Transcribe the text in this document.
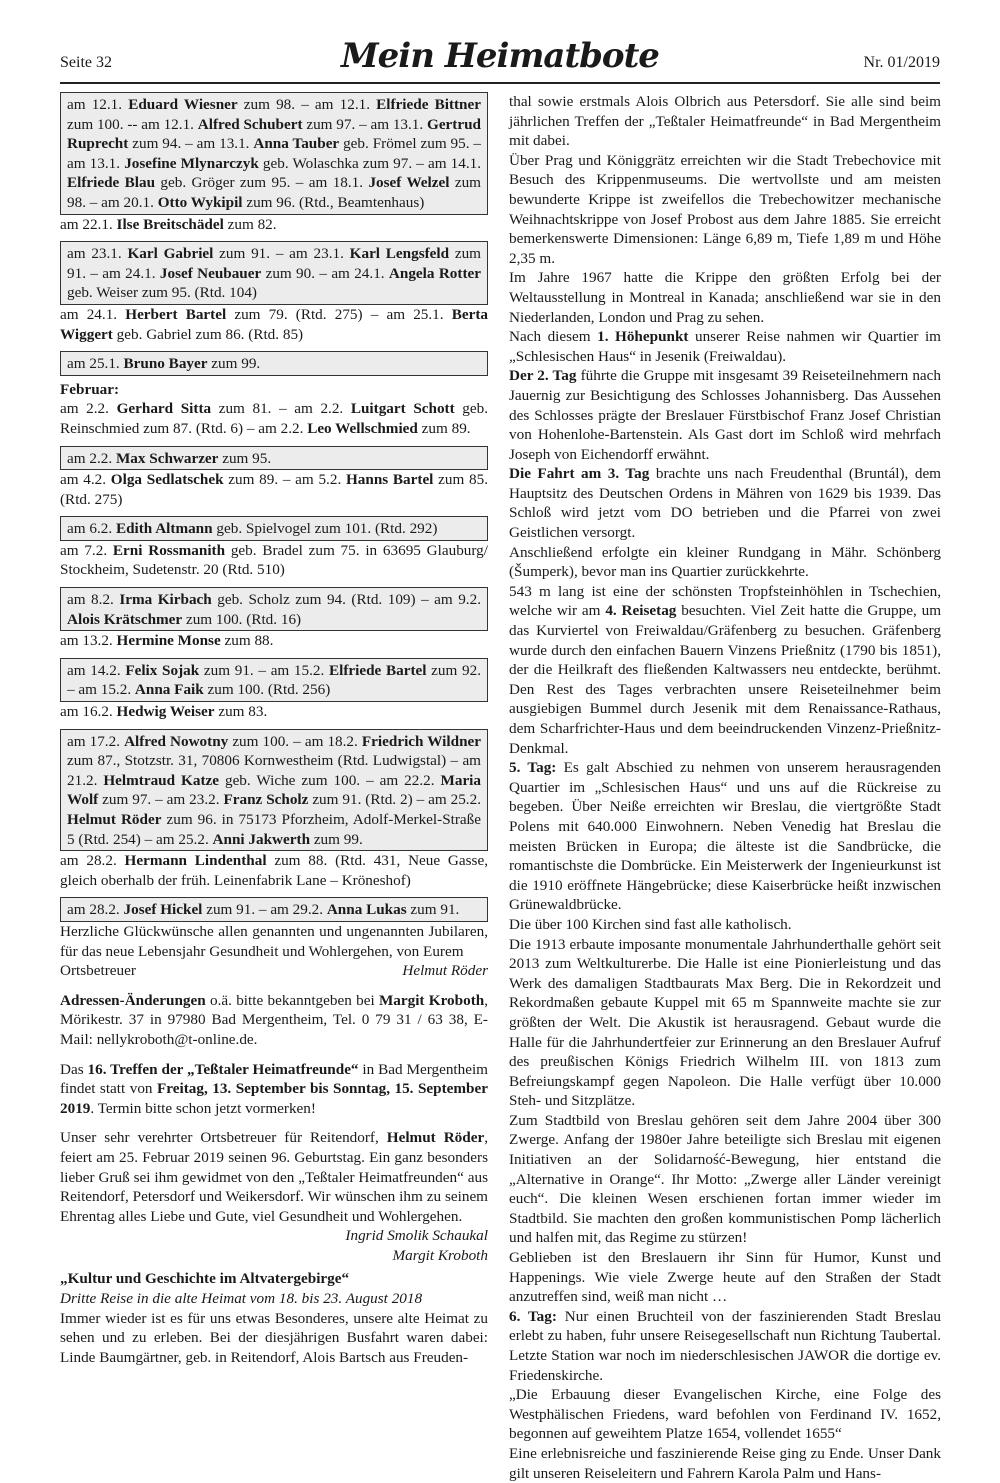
Seite 32	Mein Heimatbote	Nr. 01/2019

am 12.1. Eduard Wiesner zum 98. – am 12.1. Elfriede Bittner zum 100. -- am 12.1. Alfred Schubert zum 97. – am 13.1. Gertrud Ruprecht zum 94. – am 13.1. Anna Tauber geb. Frömel zum 95. – am 13.1. Josefine Mlynarczyk geb. Wolaschka zum 97. – am 14.1. Elfriede Blau geb. Gröger zum 95. – am 18.1. Josef Welzel zum 98. – am 20.1. Otto Wykipil zum 96. (Rtd., Beamtenhaus)

am 22.1. Ilse Breitschädel zum 82.

am 23.1. Karl Gabriel zum 91. – am 23.1. Karl Lengsfeld zum 91. – am 24.1. Josef Neubauer zum 90. – am 24.1. Angela Rotter geb. Weiser zum 95. (Rtd. 104)

am 24.1. Herbert Bartel zum 79. (Rtd. 275) – am 25.1. Berta Wiggert geb. Gabriel zum 86. (Rtd. 85)

am 25.1. Bruno Bayer zum 99.

Februar:

am 2.2. Gerhard Sitta zum 81. – am 2.2. Luitgart Schott geb. Reinschmied zum 87. (Rtd. 6) – am 2.2. Leo Wellschmied zum 89.

am 2.2. Max Schwarzer zum 95.

am 4.2. Olga Sedlatschek zum 89. – am 5.2. Hanns Bartel zum 85. (Rtd. 275)

am 6.2. Edith Altmann geb. Spielvogel zum 101. (Rtd. 292)

am 7.2. Erni Rossmanith geb. Bradel zum 75. in 63695 Glauburg/ Stockheim, Sudetenstr. 20 (Rtd. 510)

am 8.2. Irma Kirbach geb. Scholz zum 94. (Rtd. 109) – am 9.2. Alois Krätschmer zum 100. (Rtd. 16)

am 13.2. Hermine Monse zum 88.

am 14.2. Felix Sojak zum 91. – am 15.2. Elfriede Bartel zum 92. – am 15.2. Anna Faik zum 100. (Rtd. 256)

am 16.2. Hedwig Weiser zum 83.

am 17.2. Alfred Nowotny zum 100. – am 18.2. Friedrich Wildner zum 87., Stotzstr. 31, 70806 Kornwestheim (Rtd. Ludwigstal) – am 21.2. Helmtraud Katze geb. Wiche zum 100. – am 22.2. Maria Wolf zum 97. – am 23.2. Franz Scholz zum 91. (Rtd. 2) – am 25.2. Helmut Röder zum 96. in 75173 Pforzheim, Adolf-Merkel-Straße 5 (Rtd. 254) – am 25.2. Anni Jakwerth zum 99.

am 28.2. Hermann Lindenthal zum 88. (Rtd. 431, Neue Gasse, gleich oberhalb der früh. Leinenfabrik Lane – Kröneshof)

am 28.2. Josef Hickel zum 91. – am 29.2. Anna Lukas zum 91.

Herzliche Glückwünsche allen genannten und ungenannten Jubilaren, für das neue Lebensjahr Gesundheit und Wohlergehen, von Eurem

Ortsbetreuer	Helmut Röder

Adressen-Änderungen o.ä. bitte bekanntgeben bei Margit Kroboth, Mörikestr. 37 in 97980 Bad Mergentheim, Tel. 0 79 31 / 63 38, E-Mail: nellykroboth@t-online.de.

Das 16. Treffen der „Teßtaler Heimatfreunde“ in Bad Mergentheim findet statt von Freitag, 13. September bis Sonntag, 15. September 2019. Termin bitte schon jetzt vormerken!

Unser sehr verehrter Ortsbetreuer für Reitendorf, Helmut Röder, feiert am 25. Februar 2019 seinen 96. Geburtstag. Ein ganz besonders lieber Gruß sei ihm gewidmet von den „Teßtaler Heimatfreunden“ aus Reitendorf, Petersdorf und Weikersdorf. Wir wünschen ihm zu seinem Ehrentag alles Liebe und Gute, viel Gesundheit und Wohlergehen.

Ingrid Smolik Schaukal

Margit Kroboth

„Kultur und Geschichte im Altvatergebirge“

Dritte Reise in die alte Heimat vom 18. bis 23. August 2018

Immer wieder ist es für uns etwas Besonderes, unsere alte Heimat zu sehen und zu erleben. Bei der diesjährigen Busfahrt waren dabei: Linde Baumgärtner, geb. in Reitendorf, Alois Bartsch aus Freuden-

thal sowie erstmals Alois Olbrich aus Petersdorf. Sie alle sind beim jährlichen Treffen der „Teßtaler Heimatfreunde“ in Bad Mergentheim mit dabei.

Über Prag und Königgrätz erreichten wir die Stadt Trebechovice mit Besuch des Krippenmuseums. Die wertvollste und am meisten bewunderte Krippe ist zweifellos die Trebechowitzer mechanische Weihnachtskrippe von Josef Probost aus dem Jahre 1885. Sie erreicht bemerkenswerte Dimensionen: Länge 6,89 m, Tiefe 1,89 m und Höhe 2,35 m.

Im Jahre 1967 hatte die Krippe den größten Erfolg bei der Weltausstellung in Montreal in Kanada; anschließend war sie in den Niederlanden, London und Prag zu sehen.

Nach diesem 1. Höhepunkt unserer Reise nahmen wir Quartier im „Schlesischen Haus“ in Jesenik (Freiwaldau).

Der 2. Tag führte die Gruppe mit insgesamt 39 Reiseteilnehmern nach Jauernig zur Besichtigung des Schlosses Johannisberg. Das Aussehen des Schlosses prägte der Breslauer Fürstbischof Franz Josef Christian von Hohenlohe-Bartenstein. Als Gast dort im Schloß wird mehrfach Joseph von Eichendorff erwähnt.

Die Fahrt am 3. Tag brachte uns nach Freudenthal (Bruntál), dem Hauptsitz des Deutschen Ordens in Mähren von 1629 bis 1939. Das Schloß wird jetzt vom DO betrieben und die Pfarrei von zwei Geistlichen versorgt.

Anschließend erfolgte ein kleiner Rundgang in Mähr. Schönberg (Šumperk), bevor man ins Quartier zurückkehrte.

543 m lang ist eine der schönsten Tropfsteinhöhlen in Tschechien, welche wir am 4. Reisetag besuchten. Viel Zeit hatte die Gruppe, um das Kurviertel von Freiwaldau/Gräfenberg zu besuchen. Gräfenberg wurde durch den einfachen Bauern Vinzens Prießnitz (1790 bis 1851), der die Heilkraft des fließenden Kaltwassers neu entdeckte, berühmt. Den Rest des Tages verbrachten unsere Reiseteilnehmer beim ausgiebigen Bummel durch Jesenik mit dem Renaissance-Rathaus, dem Scharfrichter-Haus und dem beeindruckenden Vinzenz-Prießnitz-Denkmal.

5. Tag: Es galt Abschied zu nehmen von unserem herausragenden Quartier im „Schlesischen Haus“ und uns auf die Rückreise zu begeben. Über Neiße erreichten wir Breslau, die viertgrößte Stadt Polens mit 640.000 Einwohnern. Neben Venedig hat Breslau die meisten Brücken in Europa; die älteste ist die Sandbrücke, die romantischste die Dombrücke. Ein Meisterwerk der Ingenieurkunst ist die 1910 eröffnete Hängebrücke; diese Kaiserbrücke heißt inzwischen Grünewaldbrücke.

Die über 100 Kirchen sind fast alle katholisch.

Die 1913 erbaute imposante monumentale Jahrhunderthalle gehört seit 2013 zum Weltkulturerbe. Die Halle ist eine Pionierleistung und das Werk des damaligen Stadtbaurats Max Berg. Die in Rekordzeit und Rekordmaßen gebaute Kuppel mit 65 m Spannweite machte sie zur größten der Welt. Die Akustik ist herausragend. Gebaut wurde die Halle für die Jahrhundertfeier zur Erinnerung an den Breslauer Aufruf des preußischen Königs Friedrich Wilhelm III. von 1813 zum Befreiungskampf gegen Napoleon. Die Halle verfügt über 10.000 Steh- und Sitzplätze.

Zum Stadtbild von Breslau gehören seit dem Jahre 2004 über 300 Zwerge. Anfang der 1980er Jahre beteiligte sich Breslau mit eigenen Initiativen an der Solidarność-Bewegung, hier entstand die „Alternative in Orange“. Ihr Motto: „Zwerge aller Länder vereinigt euch“. Die kleinen Wesen erschienen fortan immer wieder im Stadtbild. Sie machten den großen kommunistischen Pomp lächerlich und halfen mit, das Regime zu stürzen!

Geblieben ist den Breslauern ihr Sinn für Humor, Kunst und Happenings. Wie viele Zwerge heute auf den Straßen der Stadt anzutreffen sind, weiß man nicht …

6. Tag: Nur einen Bruchteil von der faszinierenden Stadt Breslau erlebt zu haben, fuhr unsere Reisegesellschaft nun Richtung Taubertal. Letzte Station war noch im niederschlesischen JAWOR die dortige ev. Friedenskirche.

„Die Erbauung dieser Evangelischen Kirche, eine Folge des Westphälischen Friedens, ward befohlen von Ferdinand IV. 1652, begonnen auf geweihtem Platze 1654, vollendet 1655“

Eine erlebnisreiche und faszinierende Reise ging zu Ende. Unser Dank gilt unseren Reiseleitern und Fahrern Karola Palm und Hans-
